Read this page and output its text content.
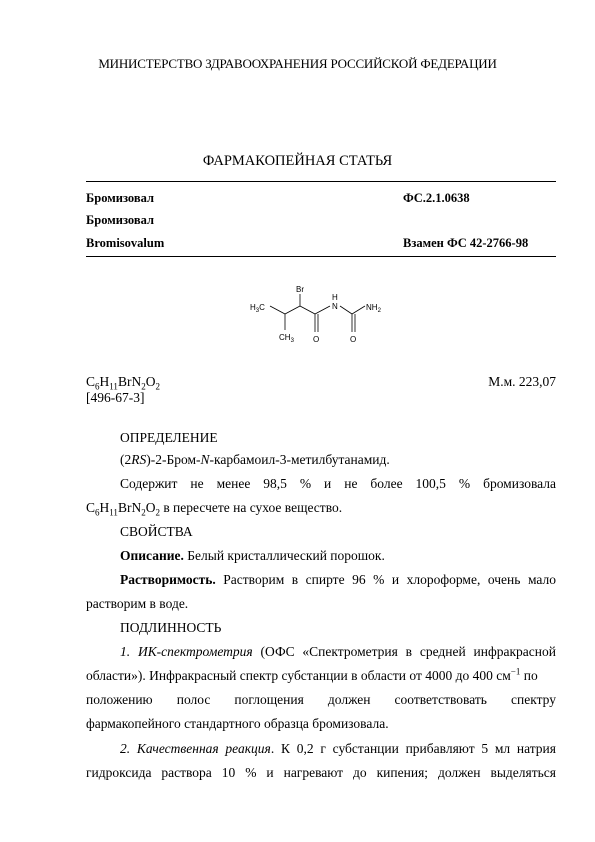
МИНИСТЕРСТВО ЗДРАВООХРАНЕНИЯ РОССИЙСКОЙ ФЕДЕРАЦИИ
ФАРМАКОПЕЙНАЯ СТАТЬЯ
Бромизовал	ФС.2.1.0638
Бромизовал
Bromisovalum	Взамен ФС 42-2766-98
Br
$H_3C$
$CH_3$
H
N	$NH_2$
O	O
$C_6H_{11}BrN_2O_2$	М.м. 223,07
[496-67-3]
ОПРЕДЕЛЕНИЕ
(2RS)-2-Бром-N-карбамоил-3-метилбутанамид.
Содержит не менее 98,5 % и не более 100,5 % бромизовала
$C_6H_{11}BrN_2O_2$ в пересчете на сухое вещество.
СВОЙСТВА
Описание. Белый кристаллический порошок.
Растворимость. Растворим в спирте 96 % и хлороформе, очень мало
растворим в воде.
ПОДЛИННОСТЬ
1. ИК-спектрометрия (ОФС «Спектрометрия в средней инфракрасной
области»). Инфракрасный спектр субстанции в области от 4000 до 400 $см^{-1}$ по
положению полос поглощения должен соответствовать спектру
фармакопейного стандартного образца бромизовала.
2. Качественная реакция. К 0,2 г субстанции прибавляют 5 мл натрия
гидроксида раствора 10 % и нагревают до кипения; должен выделяться
